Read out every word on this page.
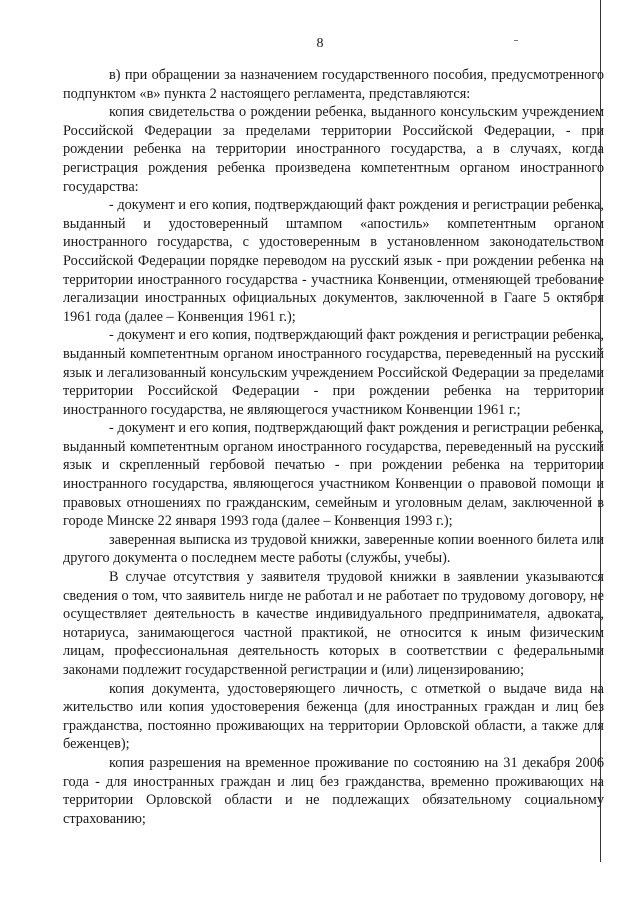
8

в) при обращении за назначением государственного пособия, предусмотренного подпунктом «в» пункта 2 настоящего регламента, представляются:

копия свидетельства о рождении ребенка, выданного консульским учреждением Российской Федерации за пределами территории Российской Федерации, - при рождении ребенка на территории иностранного государства, а в случаях, когда регистрация рождения ребенка произведена компетентным органом иностранного государства:

- документ и его копия, подтверждающий факт рождения и регистрации ребенка, выданный и удостоверенный штампом «апостиль» компетентным органом иностранного государства, с удостоверенным в установленном законодательством Российской Федерации порядке переводом на русский язык - при рождении ребенка на территории иностранного государства - участника Конвенции, отменяющей требование легализации иностранных официальных документов, заключенной в Гааге 5 октября 1961 года (далее – Конвенция 1961 г.);

- документ и его копия, подтверждающий факт рождения и регистрации ребенка, выданный компетентным органом иностранного государства, переведенный на русский язык и легализованный консульским учреждением Российской Федерации за пределами территории Российской Федерации - при рождении ребенка на территории иностранного государства, не являющегося участником Конвенции 1961 г.;

- документ и его копия, подтверждающий факт рождения и регистрации ребенка, выданный компетентным органом иностранного государства, переведенный на русский язык и скрепленный гербовой печатью - при рождении ребенка на территории иностранного государства, являющегося участником Конвенции о правовой помощи и правовых отношениях по гражданским, семейным и уголовным делам, заключенной в городе Минске 22 января 1993 года (далее – Конвенция 1993 г.);

заверенная выписка из трудовой книжки, заверенные копии военного билета или другого документа о последнем месте работы (службы, учебы).

В случае отсутствия у заявителя трудовой книжки в заявлении указываются сведения о том, что заявитель нигде не работал и не работает по трудовому договору, не осуществляет деятельность в качестве индивидуального предпринимателя, адвоката, нотариуса, занимающегося частной практикой, не относится к иным физическим лицам, профессиональная деятельность которых в соответствии с федеральными законами подлежит государственной регистрации и (или) лицензированию;

копия документа, удостоверяющего личность, с отметкой о выдаче вида на жительство или копия удостоверения беженца (для иностранных граждан и лиц без гражданства, постоянно проживающих на территории Орловской области, а также для беженцев);

копия разрешения на временное проживание по состоянию на 31 декабря 2006 года - для иностранных граждан и лиц без гражданства, временно проживающих на территории Орловской области и не подлежащих обязательному социальному страхованию;
